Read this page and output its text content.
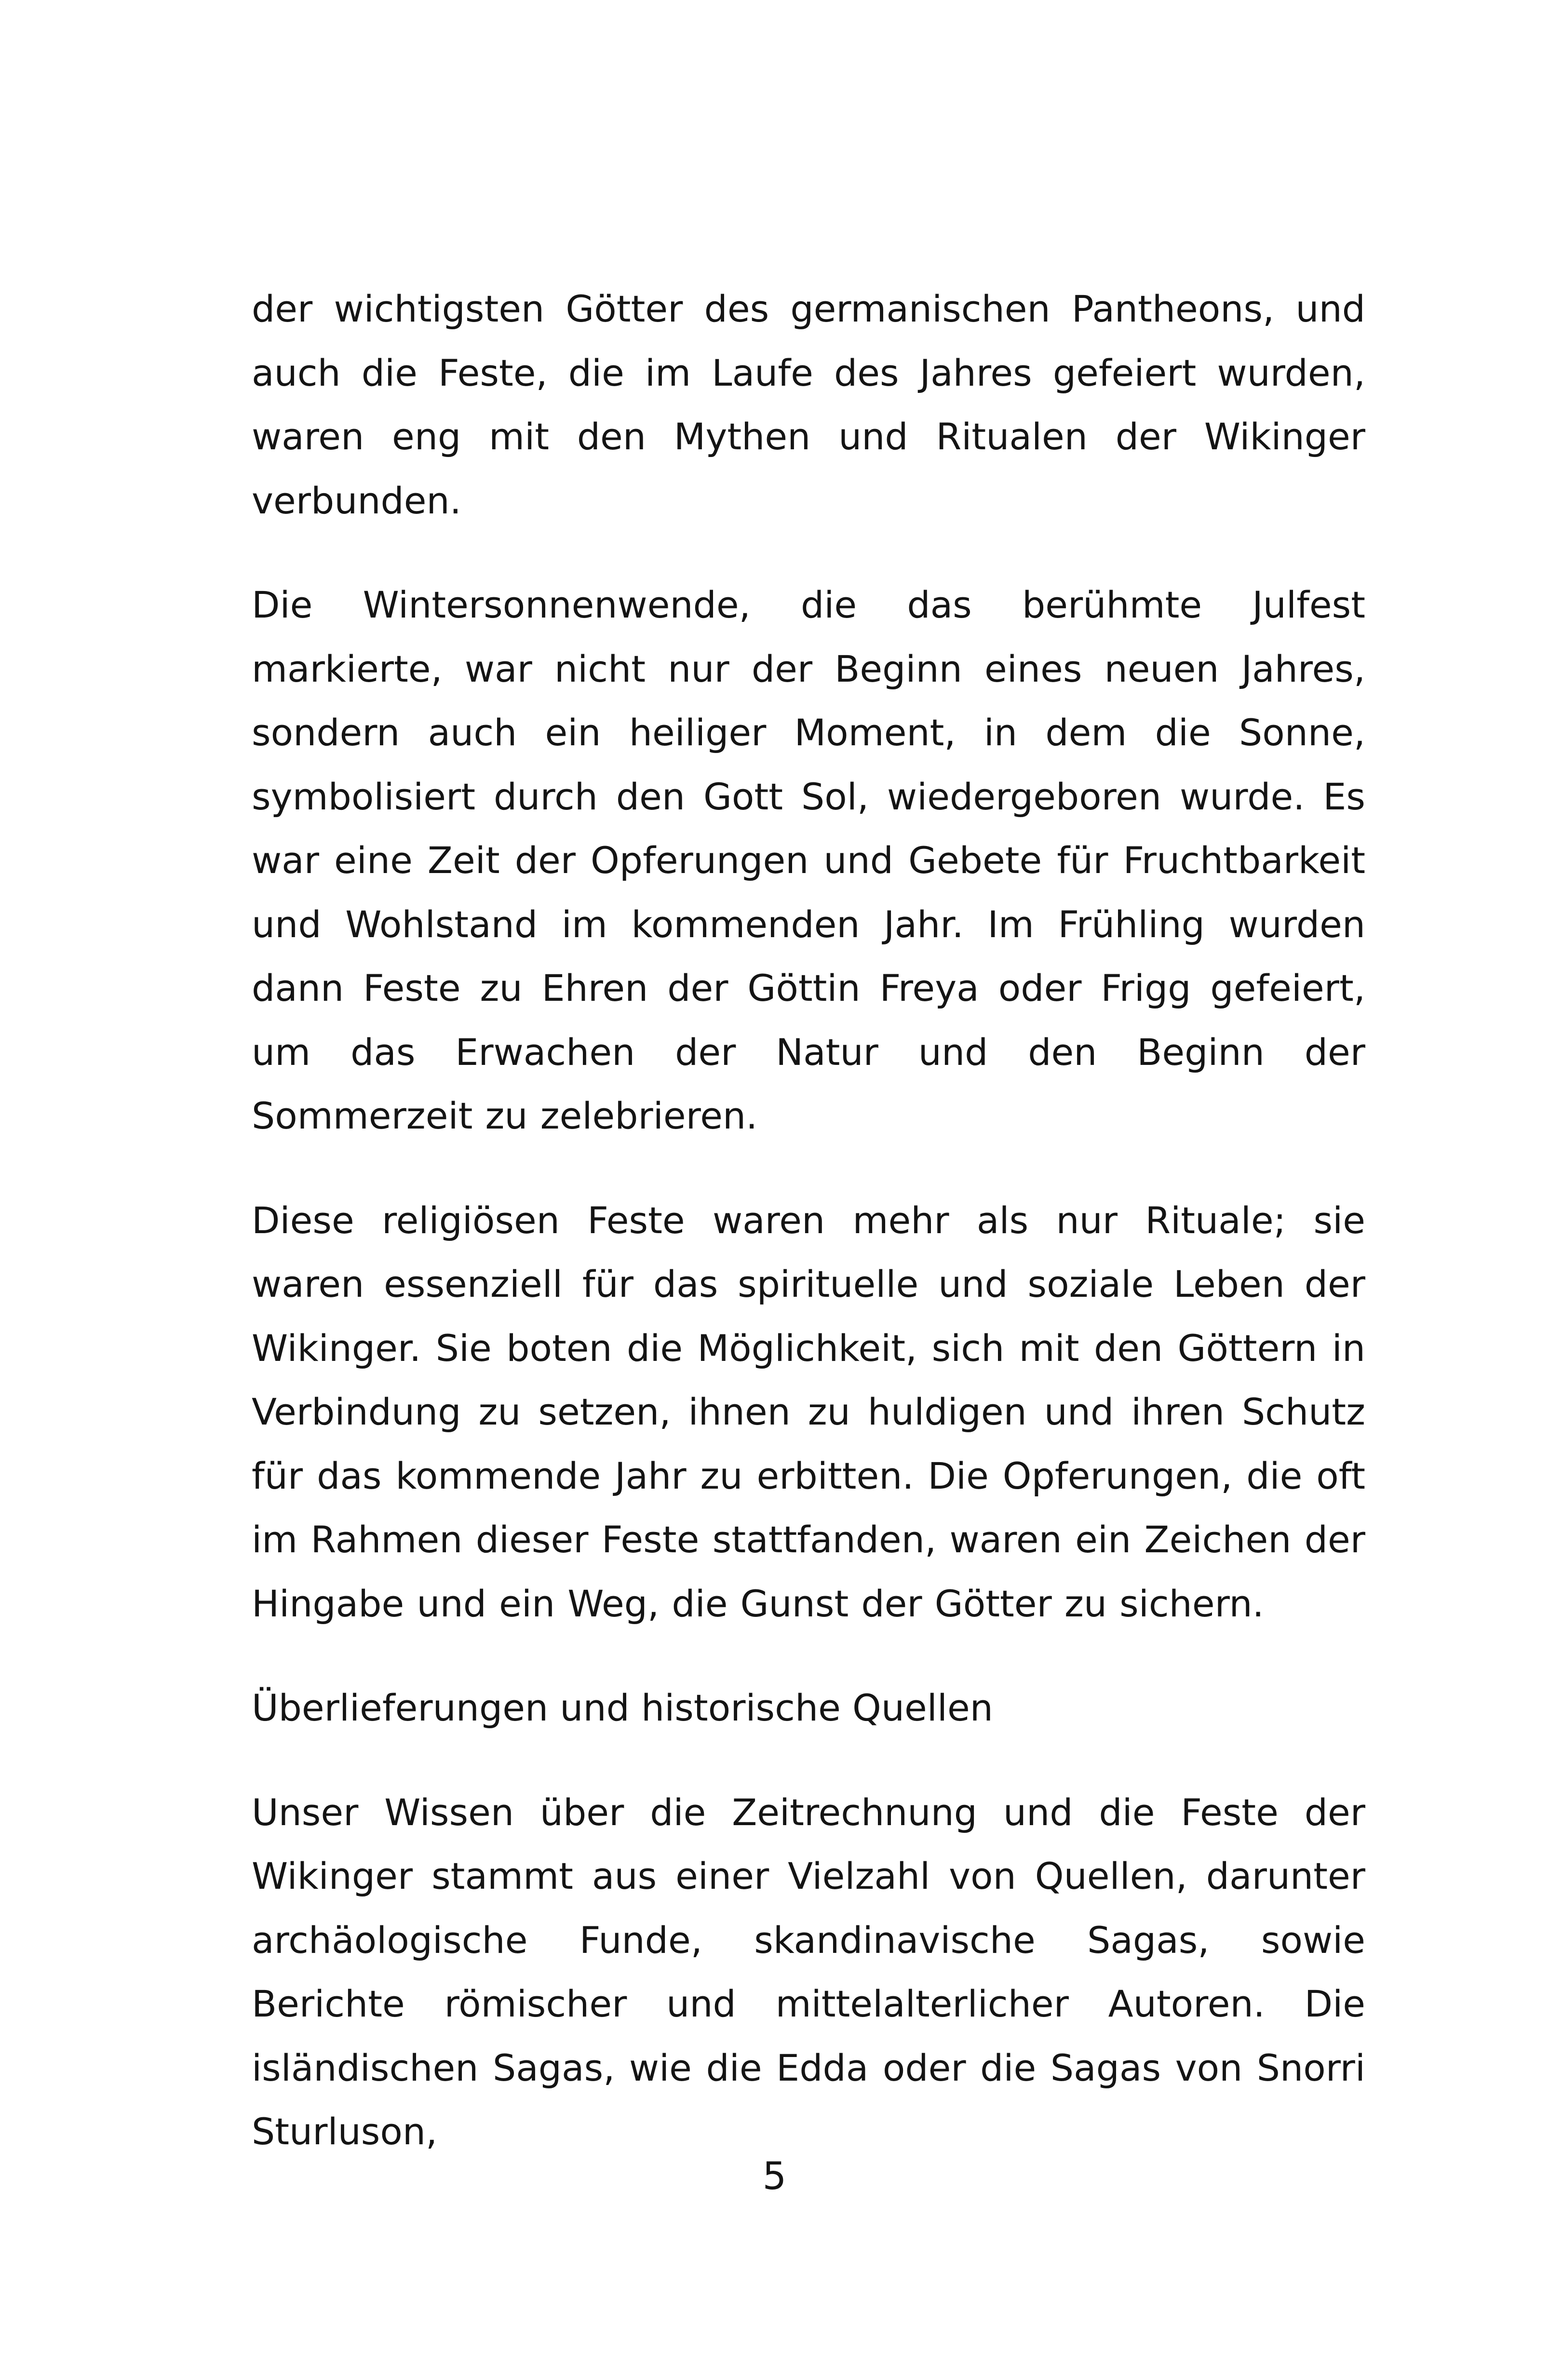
der wichtigsten Götter des germanischen Pantheons, und auch die Feste, die im Laufe des Jahres gefeiert wurden, waren eng mit den Mythen und Ritualen der Wikinger verbunden.

Die Wintersonnenwende, die das berühmte Julfest markierte, war nicht nur der Beginn eines neuen Jahres, sondern auch ein heiliger Moment, in dem die Sonne, symbolisiert durch den Gott Sol, wiedergeboren wurde. Es war eine Zeit der Opferungen und Gebete für Fruchtbarkeit und Wohlstand im kommenden Jahr. Im Frühling wurden dann Feste zu Ehren der Göttin Freya oder Frigg gefeiert, um das Erwachen der Natur und den Beginn der Sommerzeit zu zelebrieren.

Diese religiösen Feste waren mehr als nur Rituale; sie waren essenziell für das spirituelle und soziale Leben der Wikinger. Sie boten die Möglichkeit, sich mit den Göttern in Verbindung zu setzen, ihnen zu huldigen und ihren Schutz für das kommende Jahr zu erbitten. Die Opferungen, die oft im Rahmen dieser Feste stattfanden, waren ein Zeichen der Hingabe und ein Weg, die Gunst der Götter zu sichern.

Überlieferungen und historische Quellen

Unser Wissen über die Zeitrechnung und die Feste der Wikinger stammt aus einer Vielzahl von Quellen, darunter archäologische Funde, skandinavische Sagas, sowie Berichte römischer und mittelalterlicher Autoren. Die isländischen Sagas, wie die Edda oder die Sagas von Snorri Sturluson,

5
